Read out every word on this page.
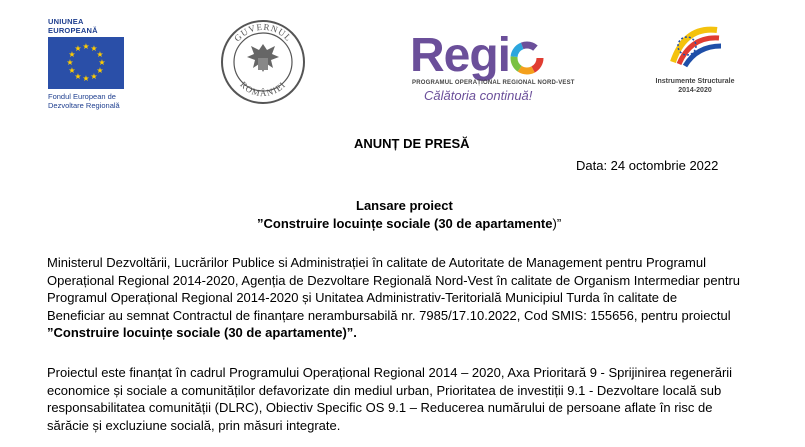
UNIUNEA EUROPEANĂ
★ ★
★
★
★
★
★
★
★
★
★
★
Fondul European de
Dezvoltare Regională
GUVERNUL
ROMÂNIEI
Regi
PROGRAMUL OPERAȚIONAL REGIONAL NORD-VEST
Călătoria continuă!
Instrumente Structurale
2014-2020
ANUNȚ DE PRESĂ
Data: 24 octombrie 2022
Lansare proiect
”Construire locuințe sociale (30 de apartamente)”
Ministerul Dezvoltării, Lucrărilor Publice si Administrației în calitate de Autoritate de Management pentru Programul
Operațional Regional 2014-2020, Agenția de Dezvoltare Regională Nord-Vest în calitate de Organism Intermediar pentru
Programul Operațional Regional 2014-2020 și Unitatea Administrativ-Teritorială Municipiul Turda în calitate de
Beneficiar au semnat Contractul de finanțare nerambursabilă nr. 7985/17.10.2022, Cod SMIS: 155656, pentru proiectul
”Construire locuințe sociale (30 de apartamente)”.
Proiectul este finanțat în cadrul Programului Operațional Regional 2014 – 2020, Axa Prioritară 9 - Sprijinirea regenerării
economice și sociale a comunităților defavorizate din mediul urban, Prioritatea de investiții 9.1 - Dezvoltare locală sub
responsabilitatea comunității (DLRC), Obiectiv Specific OS 9.1 – Reducerea numărului de persoane aflate în risc de
sărăcie și excluziune socială, prin măsuri integrate.
